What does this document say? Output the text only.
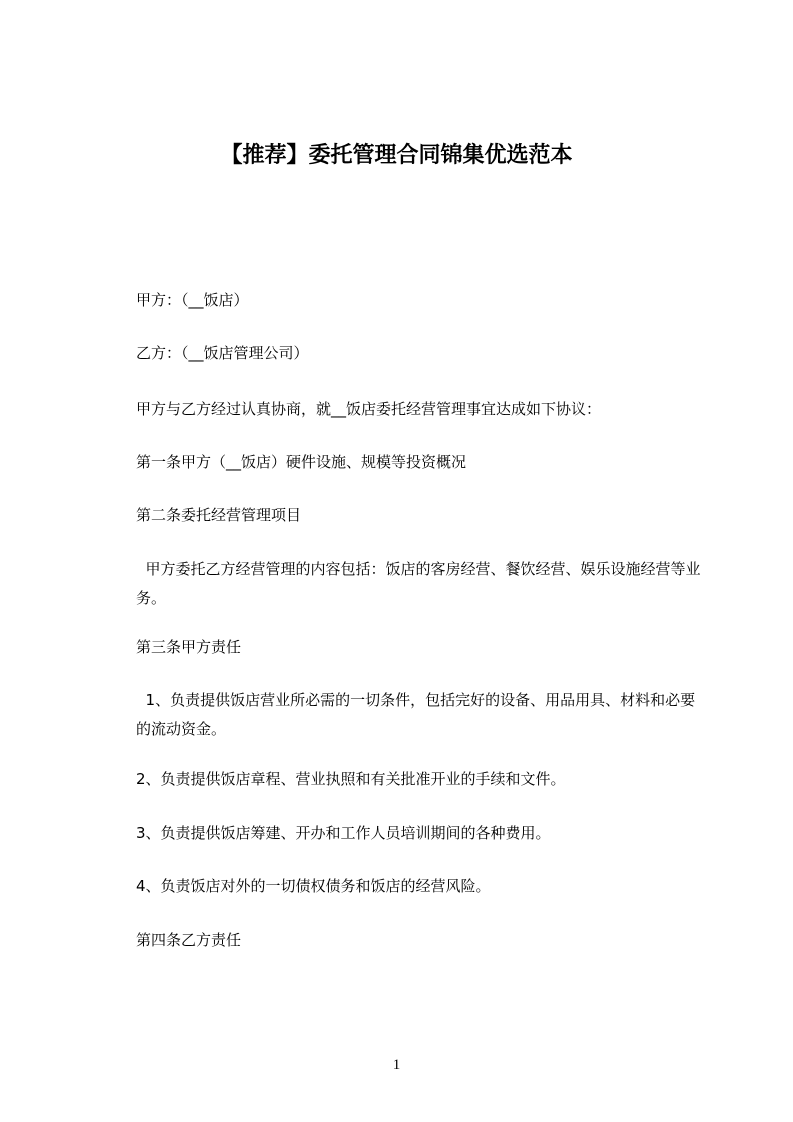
【推荐】委托管理合同锦集优选范本
甲方：（__饭店）
乙方：（__饭店管理公司）
甲方与乙方经过认真协商，就__饭店委托经营管理事宜达成如下协议：
第一条甲方（__饭店）硬件设施、规模等投资概况
第二条委托经营管理项目
甲方委托乙方经营管理的内容包括：饭店的客房经营、餐饮经营、娱乐设施经营等业务。
第三条甲方责任
1、负责提供饭店营业所必需的一切条件，包括完好的设备、用品用具、材料和必要的流动资金。
2、负责提供饭店章程、营业执照和有关批准开业的手续和文件。
3、负责提供饭店筹建、开办和工作人员培训期间的各种费用。
4、负责饭店对外的一切债权债务和饭店的经营风险。
第四条乙方责任
1
